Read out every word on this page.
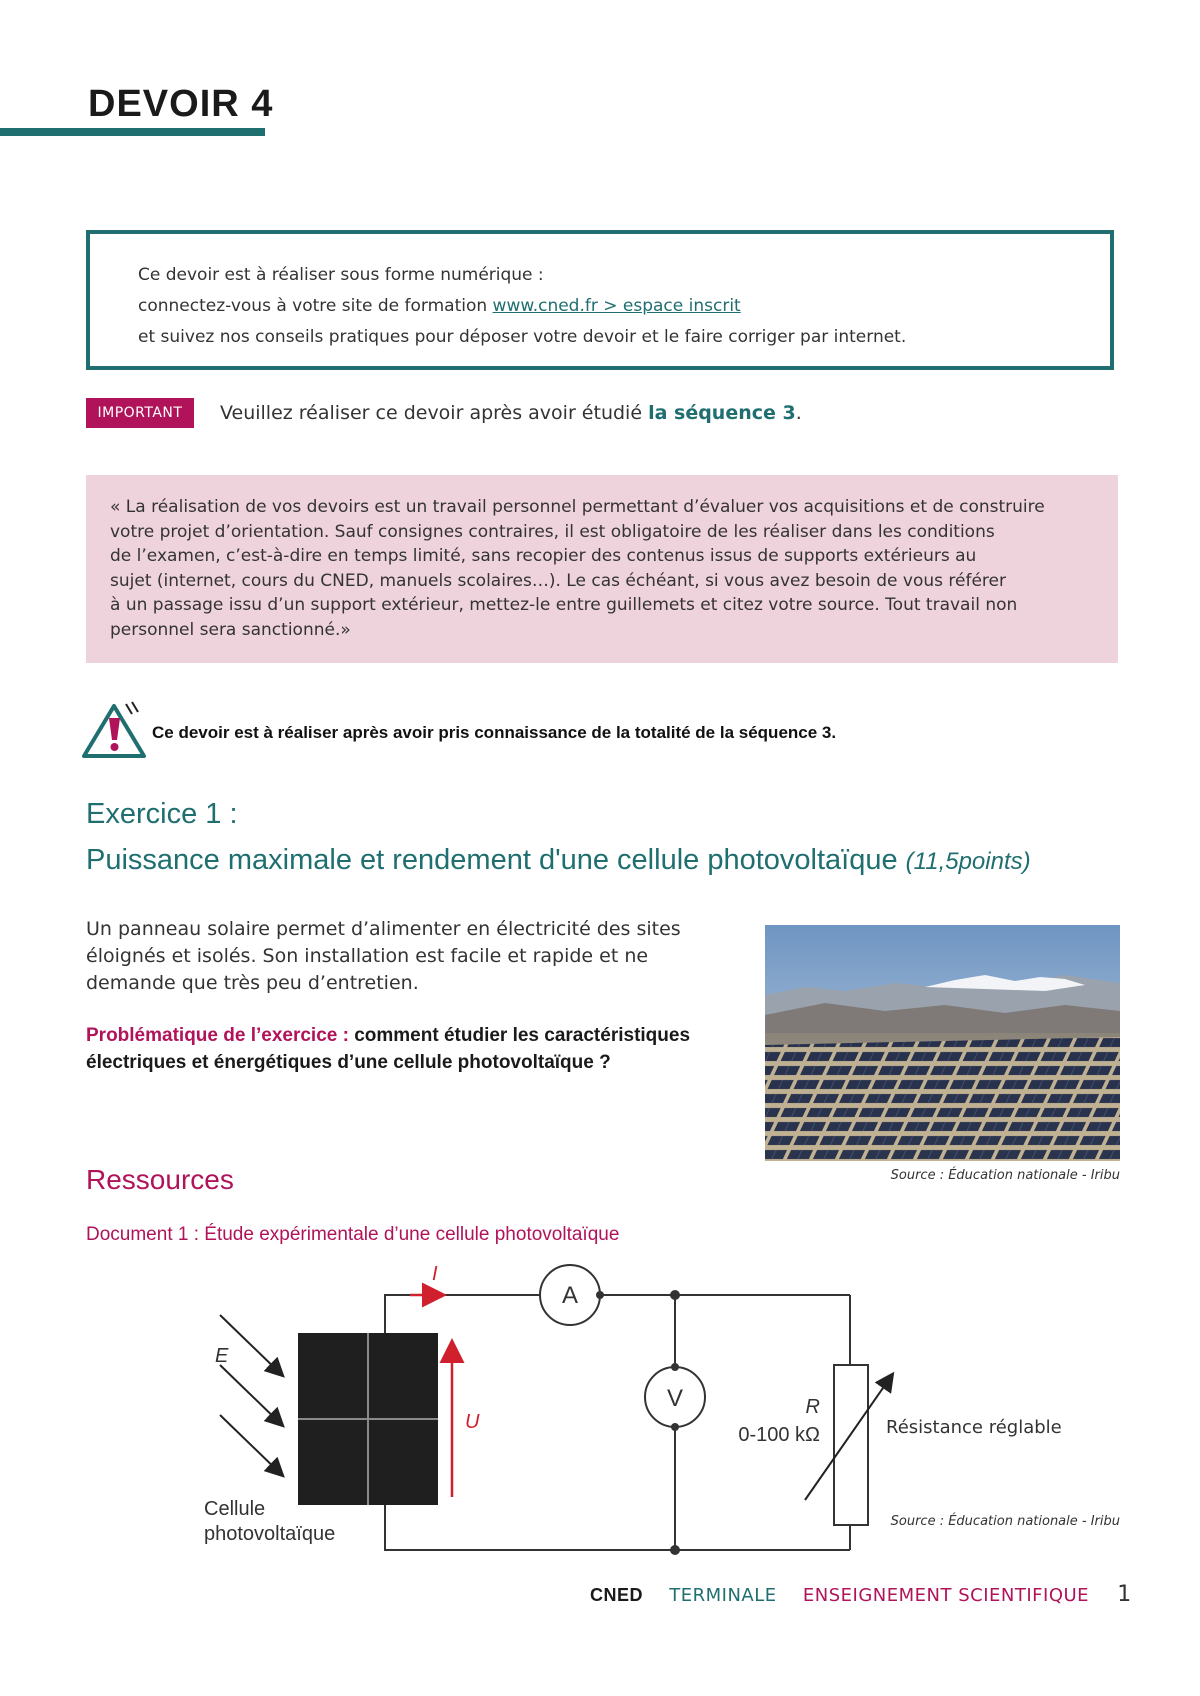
DEVOIR 4
Ce devoir est à réaliser sous forme numérique :
connectez-vous à votre site de formation www.cned.fr > espace inscrit
et suivez nos conseils pratiques pour déposer votre devoir et le faire corriger par internet.
IMPORTANT	Veuillez réaliser ce devoir après avoir étudié la séquence 3.
« La réalisation de vos devoirs est un travail personnel permettant d’évaluer vos acquisitions et de construire
votre projet d’orientation. Sauf consignes contraires, il est obligatoire de les réaliser dans les conditions
de l’examen, c’est-à-dire en temps limité, sans recopier des contenus issus de supports extérieurs au
sujet (internet, cours du CNED, manuels scolaires…). Le cas échéant, si vous avez besoin de vous référer
à un passage issu d’un support extérieur, mettez-le entre guillemets et citez votre source. Tout travail non
personnel sera sanctionné.»
Ce devoir est à réaliser après avoir pris connaissance de la totalité de la séquence 3.
Exercice 1 :
Puissance maximale et rendement d'une cellule photovoltaïque (11,5points)
Un panneau solaire permet d’alimenter en électricité des sites
éloignés et isolés. Son installation est facile et rapide et ne
demande que très peu d’entretien.
Problématique de l’exercice : comment étudier les caractéristiques électriques et énergétiques d’une cellule photovoltaïque ?
Source : Éducation nationale - Iribu
Ressources
Document 1 : Étude expérimentale d’une cellule photovoltaïque
E
I
U
A
V	R
0-100 kΩ	Résistance réglable
Cellule
photovoltaïque
Source : Éducation nationale - Iribu
CNED TERMINALE ENSEIGNEMENT SCIENTIFIQUE 1
